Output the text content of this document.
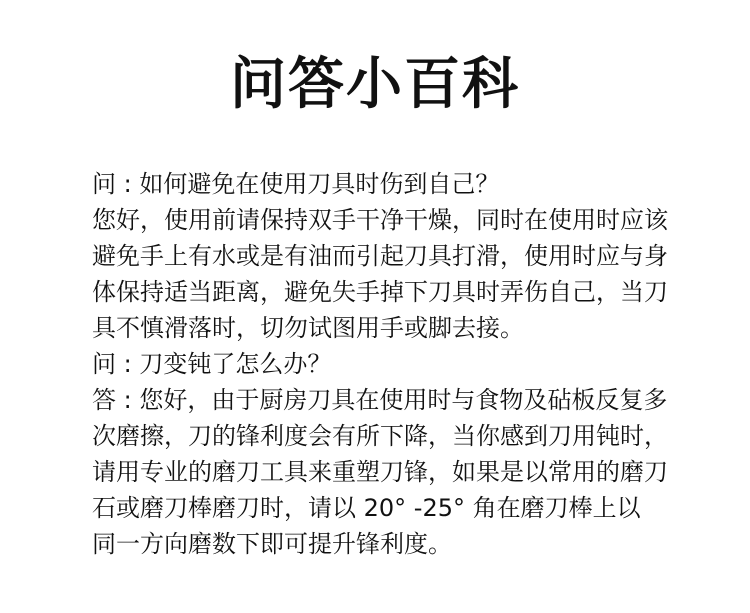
问答小百科
问 : 如何避免在使用刀具时伤到自己？
您好，使用前请保持双手干净干燥，同时在使用时应该
避免手上有水或是有油而引起刀具打滑，使用时应与身
体保持适当距离，避免失手掉下刀具时弄伤自己，当刀
具不慎滑落时，切勿试图用手或脚去接。
问 : 刀变钝了怎么办？
答 : 您好，由于厨房刀具在使用时与食物及砧板反复多
次磨擦，刀的锋利度会有所下降，当你感到刀用钝时，
请用专业的磨刀工具来重塑刀锋，如果是以常用的磨刀
石或磨刀棒磨刀时，请以 20° -25° 角在磨刀棒上以
同一方向磨数下即可提升锋利度。
